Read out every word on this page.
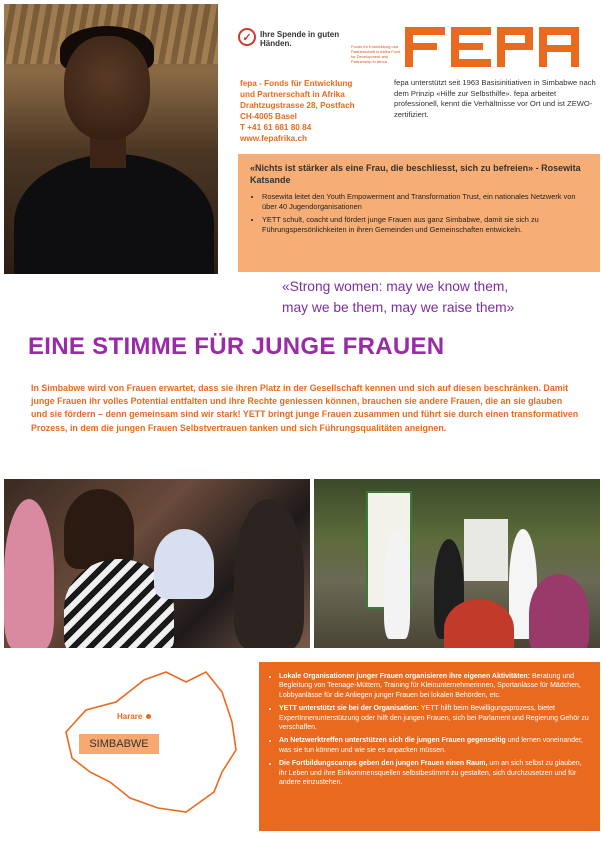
✓	Ihre Spende in guten Händen.	Fonds für Entwicklung und Partnerschaft in Afrika Fund for Development and Partnership in Africa
fepa - Fonds für Entwicklung
und Partnerschaft in Afrika
Drahtzugstrasse 28, Postfach
CH-4005 Basel
T +41 61 681 80 84
www.fepafrika.ch
fepa unterstützt seit 1963 Basisinitiativen in Simbabwe nach dem Prinzip «Hilfe zur Selbsthilfe». fepa arbeitet professionell, kennt die Verhältnisse vor Ort und ist ZEWO-zertifiziert.
«Nichts ist stärker als eine Frau, die beschliesst, sich zu befreien» - Rosewita Katsande
• Rosewita leitet den Youth Empowerment and Transformation Trust, ein nationales Netzwerk von über 40 Jugendorganisationen
• YETT schult, coacht und fördert junge Frauen aus ganz Simbabwe, damit sie sich zu Führungspersönlichkeiten in ihren Gemeinden und Gemeinschaften entwickeln.
«Strong women: may we know them,
may we be them, may we raise them»
EINE STIMME FÜR JUNGE FRAUEN
In Simbabwe wird von Frauen erwartet, dass sie ihren Platz in der Gesellschaft kennen und sich auf diesen beschränken. Damit junge Frauen ihr volles Potential entfalten und ihre Rechte geniessen können, brauchen sie andere Frauen, die an sie glauben und sie fördern – denn gemeinsam sind wir stark! YETT bringt junge Frauen zusammen und führt sie durch einen transformativen Prozess, in dem die jungen Frauen Selbstvertrauen tanken und sich Führungsqualitäten aneignen.
Harare
SIMBABWE
• Lokale Organisationen junger Frauen organisieren ihre eigenen Aktivitäten: Beratung und Begleitung von Teenage-Müttern, Training für Kleinunternehmerinnen, Sportanlässe für Mädchen, Lobbyanlässe für die Anliegen junger Frauen bei lokalen Behörden, etc.
• YETT unterstützt sie bei der Organisation: YETT hilft beim Bewilligungsprozess, bietet ExpertInnenunterstützung oder hilft den jungen Frauen, sich bei Parlament und Regierung Gehör zu verschaffen.
• An Netzwerktreffen unterstützen sich die jungen Frauen gegenseitig und lernen voneinander, was sie tun können und wie sie es anpacken müssen.
• Die Fortbildungscamps geben den jungen Frauen einen Raum, um an sich selbst zu glauben, ihr Leben und ihre Einkommensquellen selbstbestimmt zu gestalten, sich durchzusetzen und für andere einzustehen.
